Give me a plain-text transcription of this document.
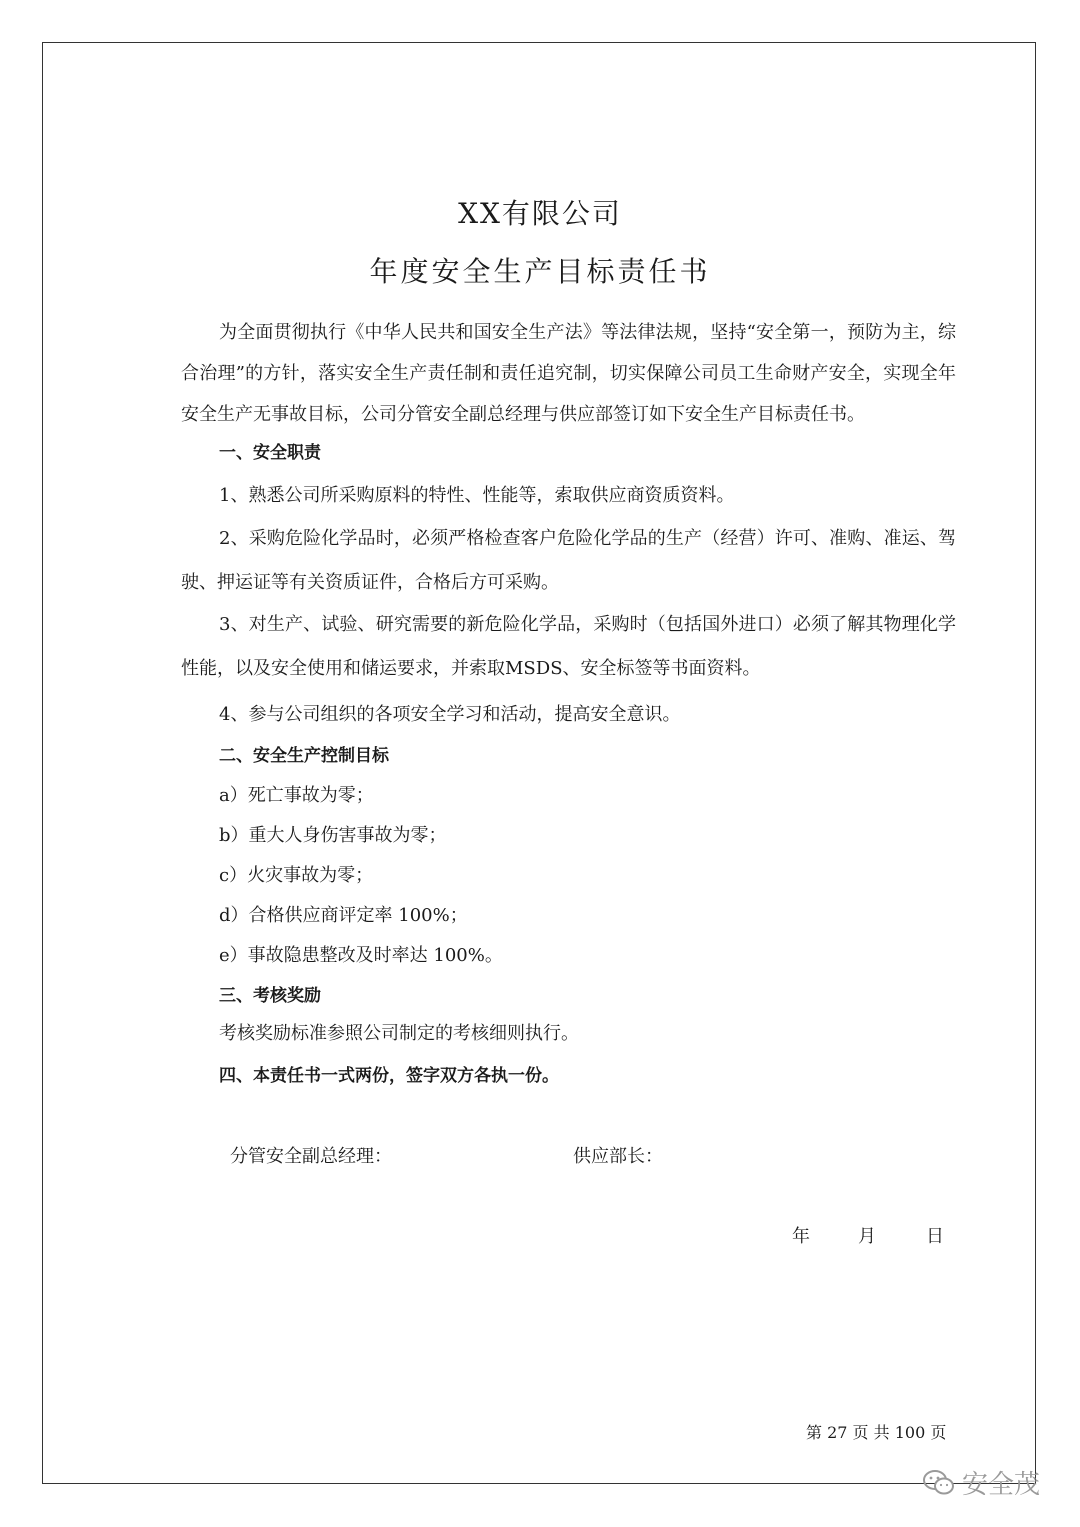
XX有限公司
年度安全生产目标责任书

为全面贯彻执行《中华人民共和国安全生产法》等法律法规，坚持“安全第一，预防为主，综合治理”的方针，落实安全生产责任制和责任追究制，切实保障公司员工生命财产安全，实现全年安全生产无事故目标，公司分管安全副总经理与供应部签订如下安全生产目标责任书。

一、安全职责
1、熟悉公司所采购原料的特性、性能等，索取供应商资质资料。
2、采购危险化学品时，必须严格检查客户危险化学品的生产（经营）许可、准购、准运、驾驶、押运证等有关资质证件，合格后方可采购。
3、对生产、试验、研究需要的新危险化学品，采购时（包括国外进口）必须了解其物理化学性能，以及安全使用和储运要求，并索取MSDS、安全标签等书面资料。
4、参与公司组织的各项安全学习和活动，提高安全意识。
二、安全生产控制目标
a）死亡事故为零；
b）重大人身伤害事故为零；
c）火灾事故为零；
d）合格供应商评定率 100%；
e）事故隐患整改及时率达 100%。
三、考核奖励
考核奖励标准参照公司制定的考核细则执行。
四、本责任书一式两份，签字双方各执一份。
分管安全副总经理：	供应部长：
年	月	日
第 27 页 共 100 页
安全茂
